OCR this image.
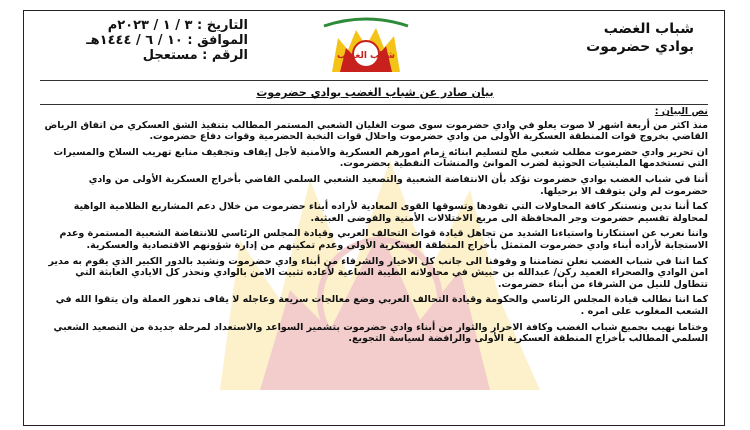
شباب الغضب
بوادي حضرموت
التاريخ : ٣ / ١ / ٢٠٢٣م
الموافق : ١٠ / ٦ / ١٤٤٤هـ
الرقم : مستعجل	شباب الغضب
بيان صادر عن شباب الغضب بوادي حضرموت
نص البيان :

منذ اكثر من أربعة اشهر لا صوت يعلو في وادي حضرموت سوى صوت الغليان الشعبي المستمر المطالب بتنفيذ الشق العسكري من اتفاق الرياض القاضي بخروج قوات المنطقة العسكرية الأولى من وادي حضرموت واحلال قوات النخبة الحضرمية وقوات دفاع حضرموت.

ان تحرير وادي حضرموت مطلب شعبي ملح لتسليم ابنائه زمام امورهم العسكرية والأمنية لأجل إيقاف وتجفيف منابع تهريب السلاح والمسيرات التي تستخدمها المليشيات الحوثية لضرب الموانئ والمنشآت النفطية بحضرموت.

أننا في شباب الغضب بوادي حضرموت نؤكد بأن الانتفاضة الشعبية والتصعيد الشعبي السلمي القاضي بأخراج العسكرية الأولى من وادي حضرموت لم ولن يتوقف الا برحيلها.

كما أننا ندين ونستنكر كافة المحاولات التي تقودها وتسوقها القوى المعادية لأراده أبناء حضرموت من خلال دعم المشاريع الظلامية الواهية لمحاولة تقسيم حضرموت وجر المحافظة الى مربع الاختلالات الأمنية والفوضى العبثية.

واننا نعرب عن استنكارنا واستياءنا الشديد من تجاهل قيادة قوات التحالف العربي وقيادة المجلس الرئاسي للانتفاضة الشعبية المستمرة وعدم الاستجابة لأراده أبناء وادي حضرموت المتمثل بأخراج المنطقة العسكرية الأولى وعدم تمكينهم من إدارة شؤونهم الاقتصادية والعسكرية.

كما اننا في شباب الغضب نعلن تضامننا و وقوفنا الى جانب كل الاخيار والشرفاء من أبناء وادي حضرموت ونشيد بالدور الكبير الذي يقوم به مدير امن الوادي والصحراء العميد ركن/ عبدالله بن حبيش في محاولاته الطيبة الساعية لأعاده تثبيت الامن بالوادي ونحذر كل الايادي العابثة التي تتطاول للنيل من الشرفاء من أبناء حضرموت.

كما اننا نطالب قيادة المجلس الرئاسي والحكومة وقيادة التحالف العربي وضع معالجات سريعة وعاجله لا يقاف تدهور العملة وان يتقوا الله في الشعب المغلوب على امره .

وختاما نهيب بجميع شباب الغضب وكافة الاحرار والثوار من أبناء وادي حضرموت بتشمير السواعد والاستعداد لمرحلة جديدة من التصعيد الشعبي السلمي المطالب بأخراج المنطقة العسكرية الأولى والرافضة لسياسة التجويع.
